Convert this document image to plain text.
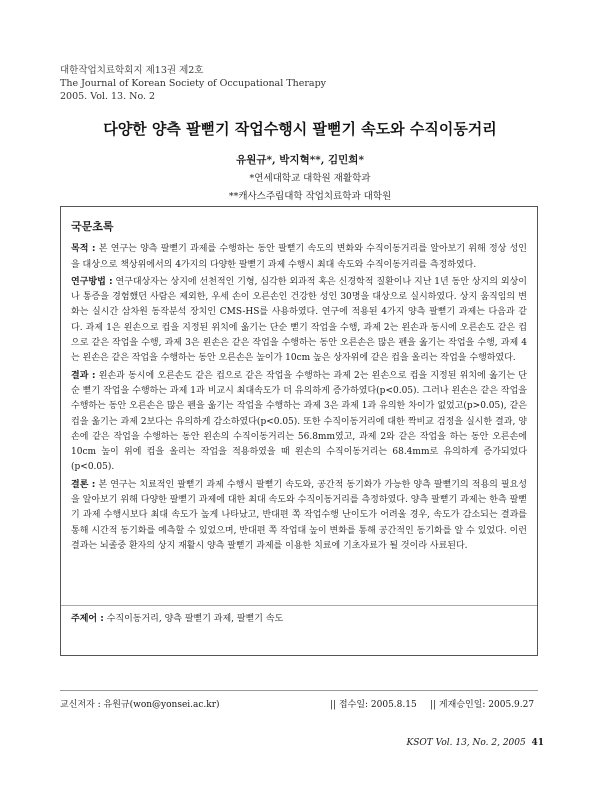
대한작업치료학회지 제13권 제2호
The Journal of Korean Society of Occupational Therapy
2005. Vol. 13. No. 2
다양한 양측 팔뻗기 작업수행시 팔뻗기 속도와 수직이동거리
유원규*, 박지혁**, 김민희*
*연세대학교 대학원 재활학과
**캐사스주립대학 작업치료학과 대학원
국문초록

목적 : 본 연구는 양측 팔뻗기 과제를 수행하는 동안 팔뻗기 속도의 변화와 수직이동거리를 알아보기 위해 정상 성인을 대상으로 책상위에서의 4가지의 다양한 팔뻗기 과제 수행시 최대 속도와 수직이동거리를 측정하였다.

연구방법 : 연구대상자는 상지에 선천적인 기형, 심각한 외과적 혹은 신경학적 질환이나 지난 1년 동안 상지의 외상이나 통증을 경험했던 사람은 제외한, 우세 손이 오른손인 건강한 성인 30명을 대상으로 실시하였다. 상지 움직임의 변화는 실시간 삼차원 동작분석 장치인 CMS-HS를 사용하였다. 연구에 적용된 4가지 양측 팔뻗기 과제는 다음과 같다. 과제 1은 왼손으로 컵을 지정된 위치에 옮기는 단순 뻗기 작업을 수행, 과제 2는 왼손과 동시에 오른손도 같은 컵으로 같은 작업을 수행, 과제 3은 왼손은 같은 작업을 수행하는 동안 오른손은 많은 펜을 옮기는 작업을 수행, 과제 4는 왼손은 같은 작업을 수행하는 동안 오른손은 높이가 10cm 높은 상자위에 같은 컵을 올리는 작업을 수행하였다.

결과 : 왼손과 동시에 오른손도 같은 컵으로 같은 작업을 수행하는 과제 2는 왼손으로 컵을 지정된 위치에 옮기는 단순 뻗기 작업을 수행하는 과제 1과 비교시 최대속도가 더 유의하게 증가하였다(p<0.05). 그러나 왼손은 같은 작업을 수행하는 동안 오른손은 많은 펜을 옮기는 작업을 수행하는 과제 3은 과제 1과 유의한 차이가 없었고(p>0.05), 같은 컵을 옮기는 과제 2보다는 유의하게 감소하였다(p<0.05). 또한 수직이동거리에 대한 짝비교 검정을 실시한 결과, 양손에 같은 작업을 수행하는 동안 왼손의 수직이동거리는 56.8mm였고, 과제 2와 같은 작업을 하는 동안 오른손에 10cm 높이 위에 컵을 올리는 작업을 적용하였을 때 왼손의 수직이동거리는 68.4mm로 유의하게 증가되었다(p<0.05).

결론 : 본 연구는 치료적인 팔뻗기 과제 수행시 팔뻗기 속도와, 공간적 동기화가 가능한 양측 팔뻗기의 적용의 필요성을 알아보기 위해 다양한 팔뻗기 과제에 대한 최대 속도와 수직이동거리를 측정하였다. 양측 팔뻗기 과제는 한측 팔뻗기 과제 수행시보다 최대 속도가 높게 나타났고, 반대편 쪽 작업수행 난이도가 어려울 경우, 속도가 감소되는 결과를 통해 시간적 동기화를 예측할 수 있었으며, 반대편 쪽 작업대 높이 변화를 통해 공간적인 동기화를 알 수 있었다. 이런 결과는 뇌졸중 환자의 상지 재활시 양측 팔뻗기 과제를 이용한 치료에 기초자료가 될 것이라 사료된다.

주제어 : 수직이동거리, 양측 팔뻗기 과제, 팔뻗기 속도
교신저자 : 유원규(won@yonsei.ac.kr)	|| 접수일: 2005.8.15 || 게재승인일: 2005.9.27
KSOT Vol. 13, No. 2, 2005 41
